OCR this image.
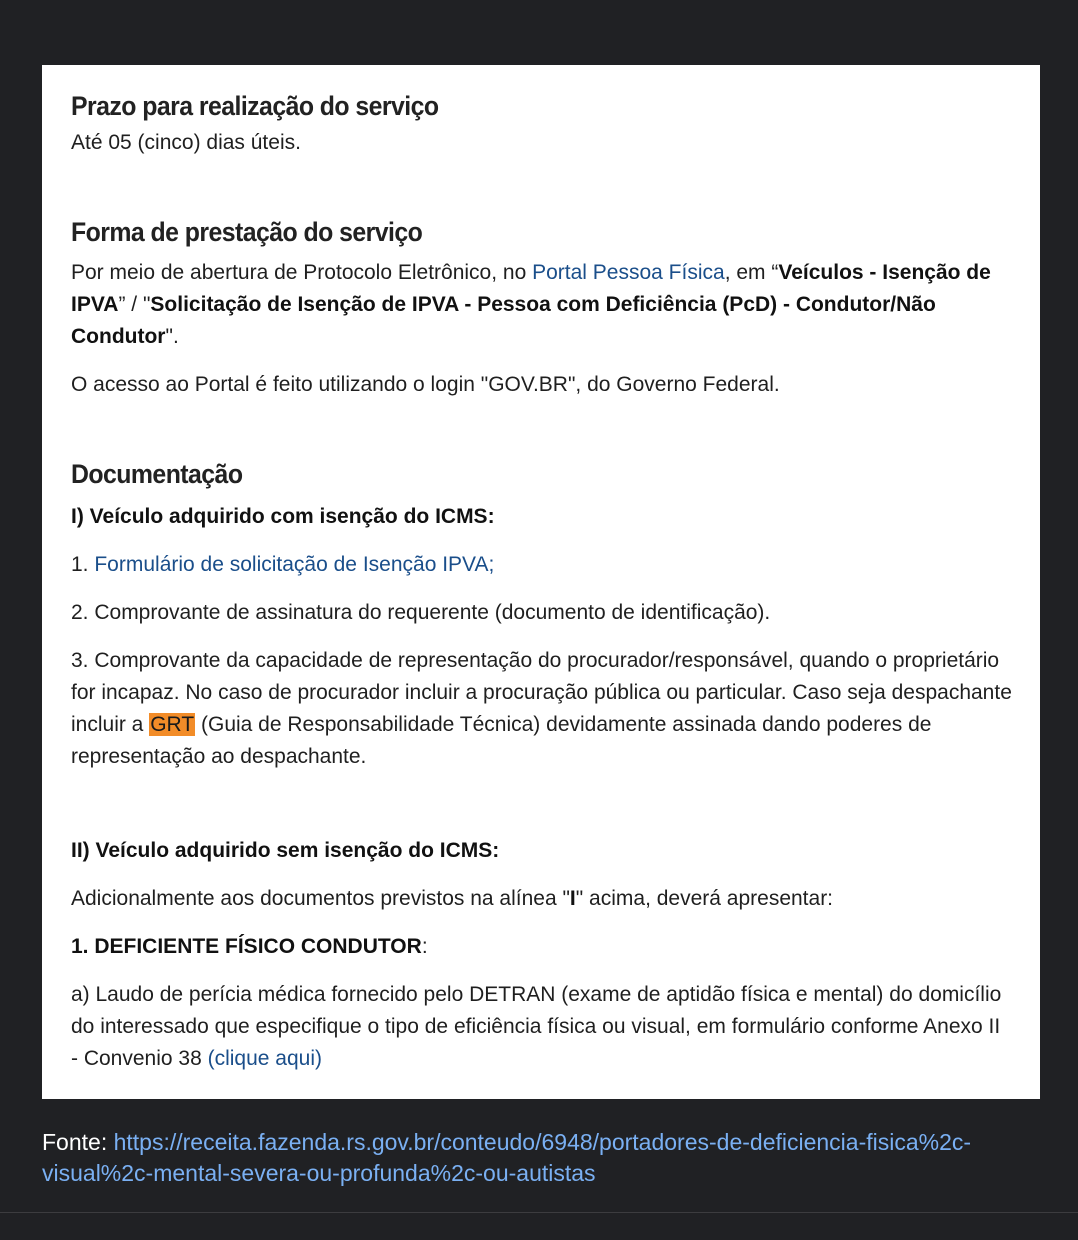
Prazo para realização do serviço

Até 05 (cinco) dias úteis.

Forma de prestação do serviço

Por meio de abertura de Protocolo Eletrônico, no Portal Pessoa Física, em “Veículos - Isenção de IPVA” / "Solicitação de Isenção de IPVA - Pessoa com Deficiência (PcD) - Condutor/Não Condutor".

O acesso ao Portal é feito utilizando o login "GOV.BR", do Governo Federal.

Documentação

I) Veículo adquirido com isenção do ICMS:

1. Formulário de solicitação de Isenção IPVA;

2. Comprovante de assinatura do requerente (documento de identificação).

3. Comprovante da capacidade de representação do procurador/responsável, quando o proprietário for incapaz. No caso de procurador incluir a procuração pública ou particular. Caso seja despachante incluir a GRT (Guia de Responsabilidade Técnica) devidamente assinada dando poderes de representação ao despachante.

II) Veículo adquirido sem isenção do ICMS:

Adicionalmente aos documentos previstos na alínea "I" acima, deverá apresentar:

1. DEFICIENTE FÍSICO CONDUTOR:

a) Laudo de perícia médica fornecido pelo DETRAN (exame de aptidão física e mental) do domicílio do interessado que especifique o tipo de eficiência física ou visual, em formulário conforme Anexo II - Convenio 38 (clique aqui)

Fonte: https://receita.fazenda.rs.gov.br/conteudo/6948/portadores-de-deficiencia-fisica%2c-visual%2c-mental-severa-ou-profunda%2c-ou-autistas
